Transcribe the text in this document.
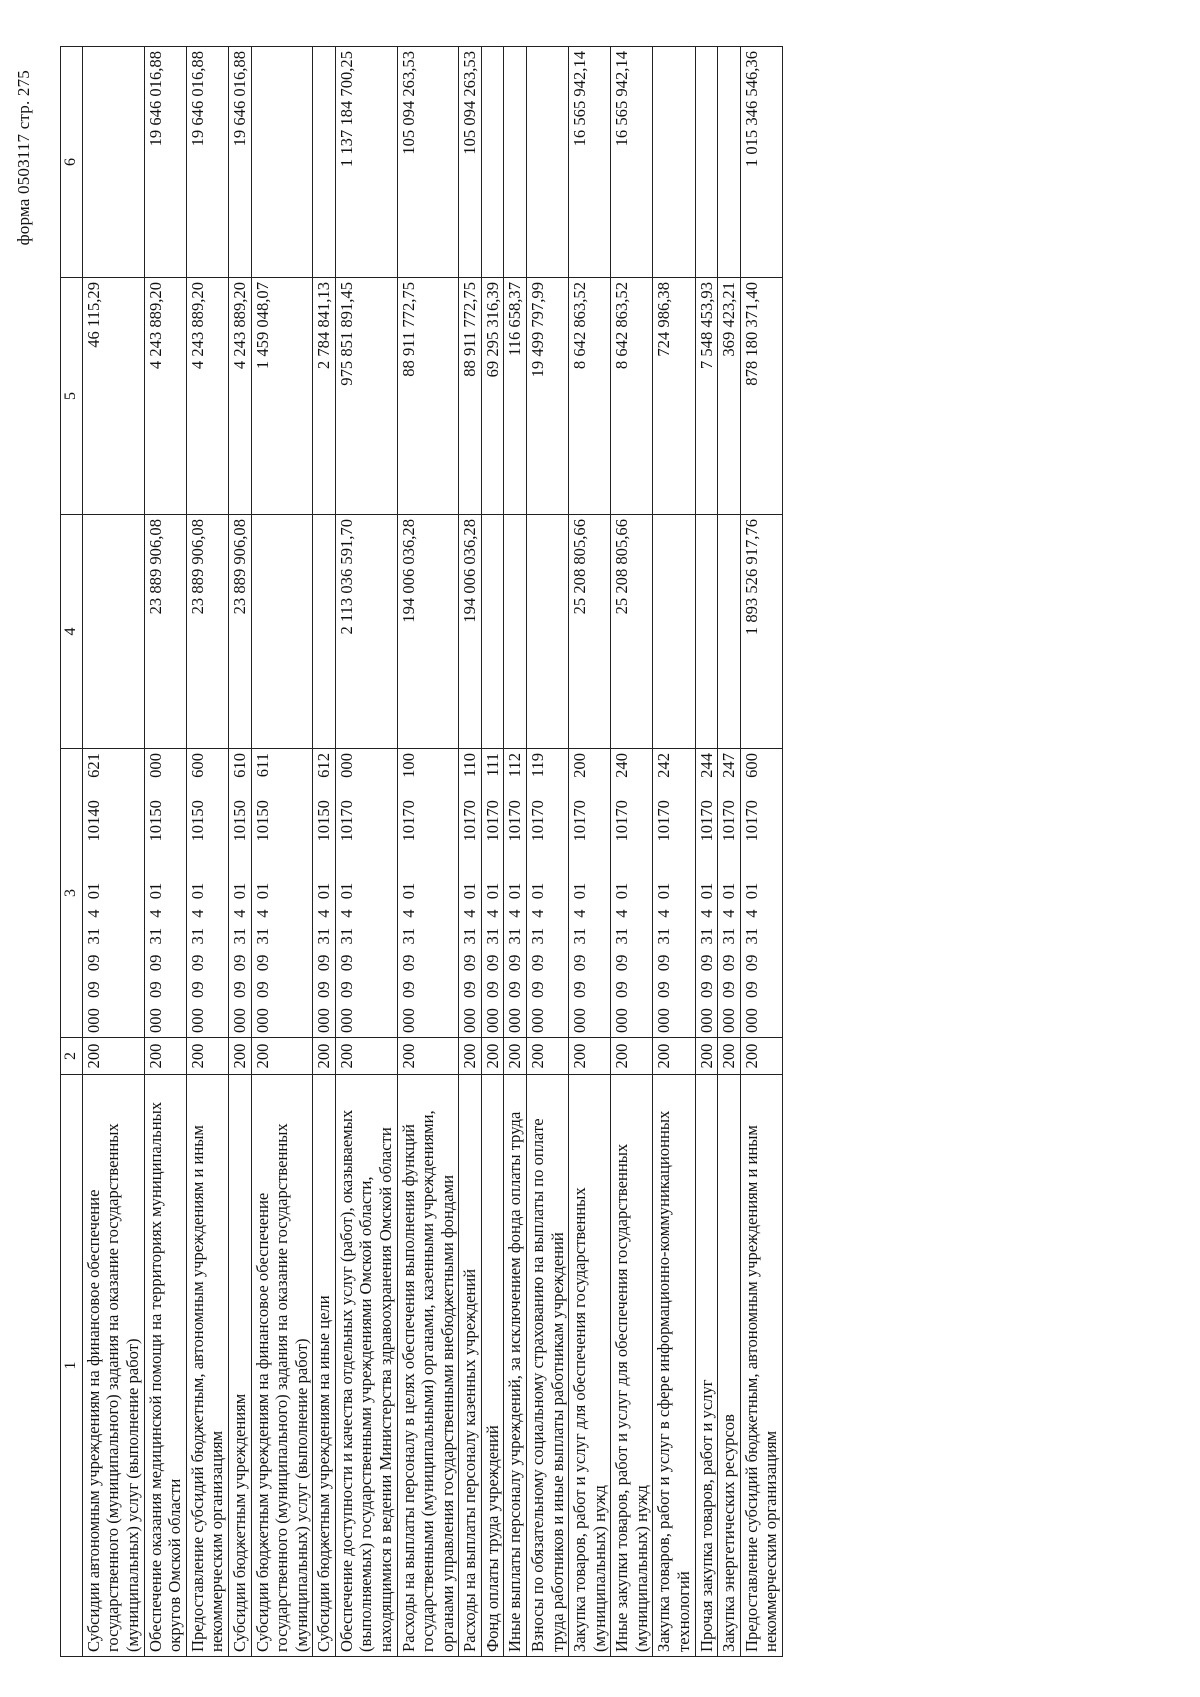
форма 0503117 стр. 275
1	2	3			4	5	6
Субсидии автономным учреждениям на финансовое обеспечение государственного (муниципального) задания на оказание государственных (муниципальных) услуг (выполнение работ)	200	000 09 09 31 4 01	10140	621		46 115,29	
Обеспечение оказания медицинской помощи на территориях муниципальных округов Омской области	200	000 09 09 31 4 01	10150	000	23 889 906,08	4 243 889,20	19 646 016,88
Предоставление субсидий бюджетным, автономным учреждениям и иным некоммерческим организациям	200	000 09 09 31 4 01	10150	600	23 889 906,08	4 243 889,20	19 646 016,88
Субсидии бюджетным учреждениям	200	000 09 09 31 4 01	10150	610	23 889 906,08	4 243 889,20	19 646 016,88
Субсидии бюджетным учреждениям на финансовое обеспечение государственного (муниципального) задания на оказание государственных (муниципальных) услуг (выполнение работ)	200	000 09 09 31 4 01	10150	611		1 459 048,07	
Субсидии бюджетным учреждениям на иные цели	200	000 09 09 31 4 01	10150	612		2 784 841,13	
Обеспечение доступности и качества отдельных услуг (работ), оказываемых (выполняемых) государственными учреждениями Омской области, находящимися в ведении Министерства здравоохранения Омской области	200	000 09 09 31 4 01	10170	000	2 113 036 591,70	975 851 891,45	1 137 184 700,25
Расходы на выплаты персоналу в целях обеспечения выполнения функций государственными (муниципальными) органами, казенными учреждениями, органами управления государственными внебюджетными фондами	200	000 09 09 31 4 01	10170	100	194 006 036,28	88 911 772,75	105 094 263,53
Расходы на выплаты персоналу казенных учреждений	200	000 09 09 31 4 01	10170	110	194 006 036,28	88 911 772,75	105 094 263,53
Фонд оплаты труда учреждений	200	000 09 09 31 4 01	10170	111		69 295 316,39	
Иные выплаты персоналу учреждений, за исключением фонда оплаты труда	200	000 09 09 31 4 01	10170	112		116 658,37	
Взносы по обязательному социальному страхованию на выплаты по оплате труда работников и иные выплаты работникам учреждений	200	000 09 09 31 4 01	10170	119		19 499 797,99	
Закупка товаров, работ и услуг для обеспечения государственных (муниципальных) нужд	200	000 09 09 31 4 01	10170	200	25 208 805,66	8 642 863,52	16 565 942,14
Иные закупки товаров, работ и услуг для обеспечения государственных (муниципальных) нужд	200	000 09 09 31 4 01	10170	240	25 208 805,66	8 642 863,52	16 565 942,14
Закупка товаров, работ и услуг в сфере информационно-коммуникационных технологий	200	000 09 09 31 4 01	10170	242		724 986,38	
Прочая закупка товаров, работ и услуг	200	000 09 09 31 4 01	10170	244		7 548 453,93	
Закупка энергетических ресурсов	200	000 09 09 31 4 01	10170	247		369 423,21	
Предоставление субсидий бюджетным, автономным учреждениям и иным некоммерческим организациям	200	000 09 09 31 4 01	10170	600	1 893 526 917,76	878 180 371,40	1 015 346 546,36
